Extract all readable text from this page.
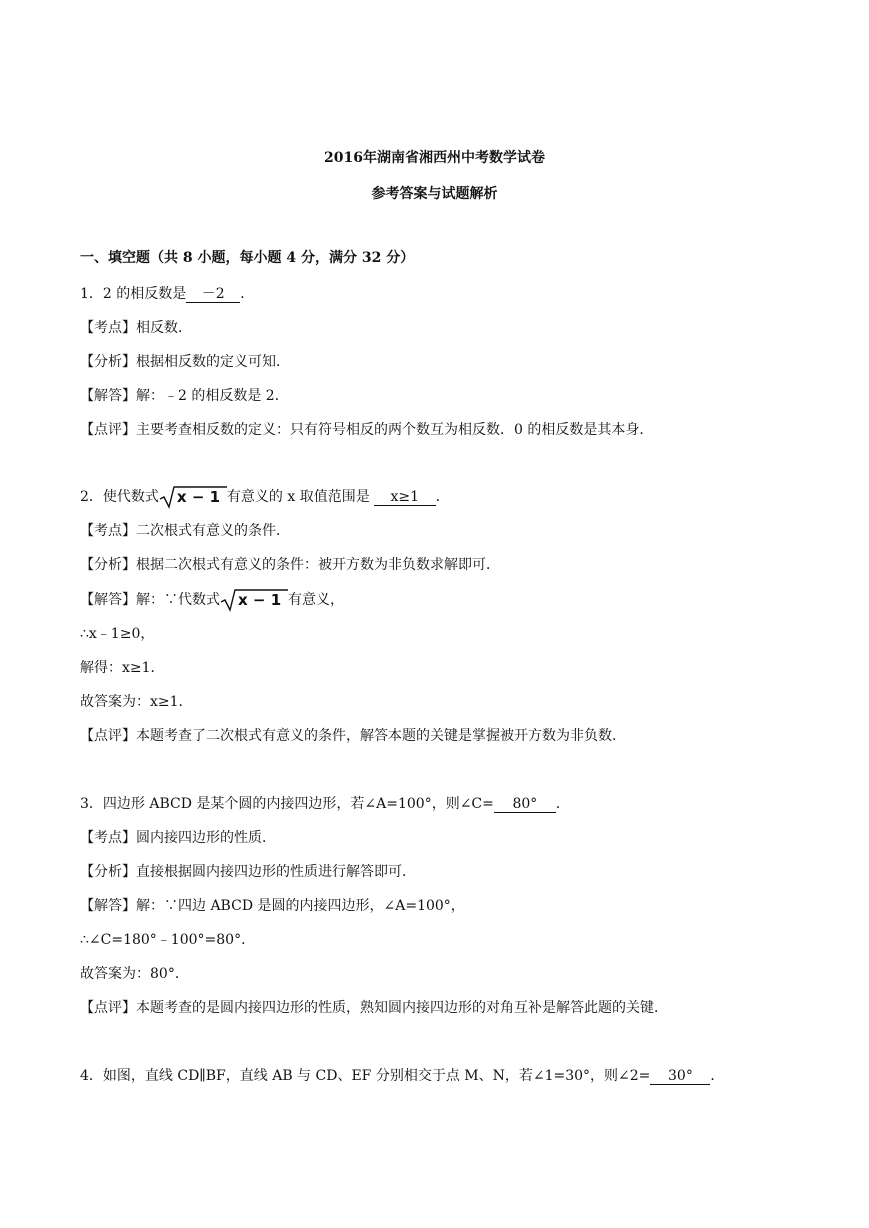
2016年湖南省湘西州中考数学试卷
参考答案与试题解析
一、填空题（共 8 小题，每小题 4 分，满分 32 分）
1．2 的相反数是 －2 ．
【考点】相反数．
【分析】根据相反数的定义可知．
【解答】解：﹣2 的相反数是 2．
【点评】主要考查相反数的定义：只有符号相反的两个数互为相反数．0 的相反数是其本身．
2．使代数式 x − 1 有意义的 x 取值范围是 x≥1 ．
【考点】二次根式有意义的条件．
【分析】根据二次根式有意义的条件：被开方数为非负数求解即可．
【解答】解：∵代数式 x − 1 有意义，
∴x﹣1≥0，
解得：x≥1．
故答案为：x≥1．
【点评】本题考查了二次根式有意义的条件，解答本题的关键是掌握被开方数为非负数．
3．四边形 ABCD 是某个圆的内接四边形，若∠A=100°，则∠C= 80° ．
【考点】圆内接四边形的性质．
【分析】直接根据圆内接四边形的性质进行解答即可．
【解答】解：∵四边 ABCD 是圆的内接四边形，∠A=100°，
∴∠C=180°﹣100°=80°．
故答案为：80°．
【点评】本题考查的是圆内接四边形的性质，熟知圆内接四边形的对角互补是解答此题的关键．
4．如图，直线 CD∥BF，直线 AB 与 CD、EF 分别相交于点 M、N，若∠1=30°，则∠2= 30° ．
